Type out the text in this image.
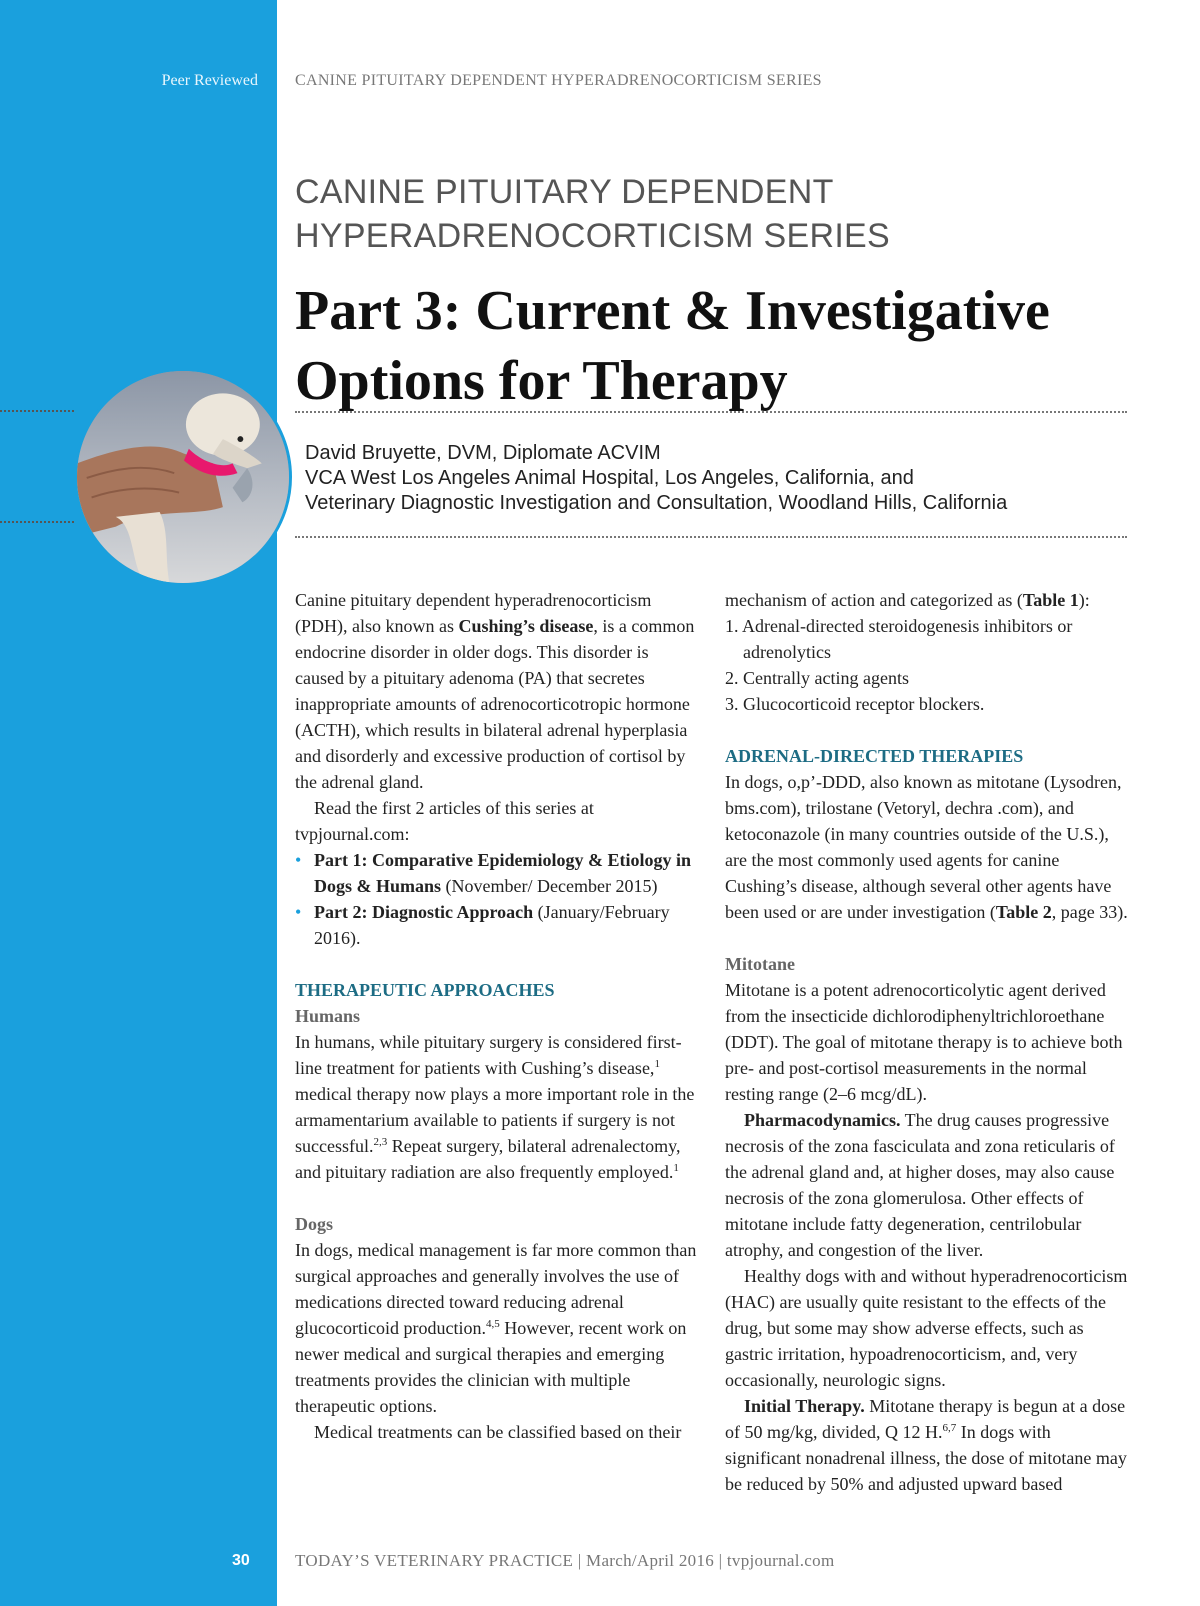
Peer Reviewed CANINE PITUITARY DEPENDENT HYPERADRENOCORTICISM SERIES
CANINE PITUITARY DEPENDENT
HYPERADRENOCORTICISM SERIES
Part 3: Current & Investigative
Options for Therapy
David Bruyette, DVM, Diplomate ACVIM
VCA West Los Angeles Animal Hospital, Los Angeles, California, and
Veterinary Diagnostic Investigation and Consultation, Woodland Hills, California

Canine pituitary dependent hyperadrenocorticism (PDH), also known as Cushing’s disease, is a common endocrine disorder in older dogs. This disorder is caused by a pituitary adenoma (PA) that secretes inappropriate amounts of adrenocorticotropic hormone (ACTH), which results in bilateral adrenal hyperplasia and disorderly and excessive production of cortisol by the adrenal gland.

Read the first 2 articles of this series at tvpjournal.com:

• Part 1: Comparative Epidemiology & Etiology in Dogs & Humans (November/ December 2015)
• Part 2: Diagnostic Approach (January/February 2016).
THERAPEUTIC APPROACHES
Humans

In humans, while pituitary surgery is considered first-line treatment for patients with Cushing’s disease,$^1$ medical therapy now plays a more important role in the armamentarium available to patients if surgery is not successful.$^{2,3}$ Repeat surgery, bilateral adrenalectomy, and pituitary radiation are also frequently employed.$^1$

Dogs

In dogs, medical management is far more common than surgical approaches and generally involves the use of medications directed toward reducing adrenal glucocorticoid production.$^{4,5}$ However, recent work on newer medical and surgical therapies and emerging treatments provides the clinician with multiple therapeutic options.

Medical treatments can be classified based on their

mechanism of action and categorized as (Table 1):

1. Adrenal-directed steroidogenesis inhibitors or adrenolytics
2. Centrally acting agents
3. Glucocorticoid receptor blockers.
ADRENAL-DIRECTED THERAPIES

In dogs, o,p’-DDD, also known as mitotane (Lysodren, bms.com), trilostane (Vetoryl, dechra .com), and ketoconazole (in many countries outside of the U.S.), are the most commonly used agents for canine Cushing’s disease, although several other agents have been used or are under investigation (Table 2, page 33).

Mitotane

Mitotane is a potent adrenocorticolytic agent derived from the insecticide dichlorodiphenyltrichloroethane (DDT). The goal of mitotane therapy is to achieve both pre- and post-cortisol measurements in the normal resting range (2–6 mcg/dL).

Pharmacodynamics. The drug causes progressive necrosis of the zona fasciculata and zona reticularis of the adrenal gland and, at higher doses, may also cause necrosis of the zona glomerulosa. Other effects of mitotane include fatty degeneration, centrilobular atrophy, and congestion of the liver.

Healthy dogs with and without hyperadrenocorticism (HAC) are usually quite resistant to the effects of the drug, but some may show adverse effects, such as gastric irritation, hypoadrenocorticism, and, very occasionally, neurologic signs.

Initial Therapy. Mitotane therapy is begun at a dose of 50 mg/kg, divided, Q 12 H.$^{6,7}$ In dogs with significant nonadrenal illness, the dose of mitotane may be reduced by 50% and adjusted upward based

30	TODAY’S VETERINARY PRACTICE | March/April 2016 | tvpjournal.com
